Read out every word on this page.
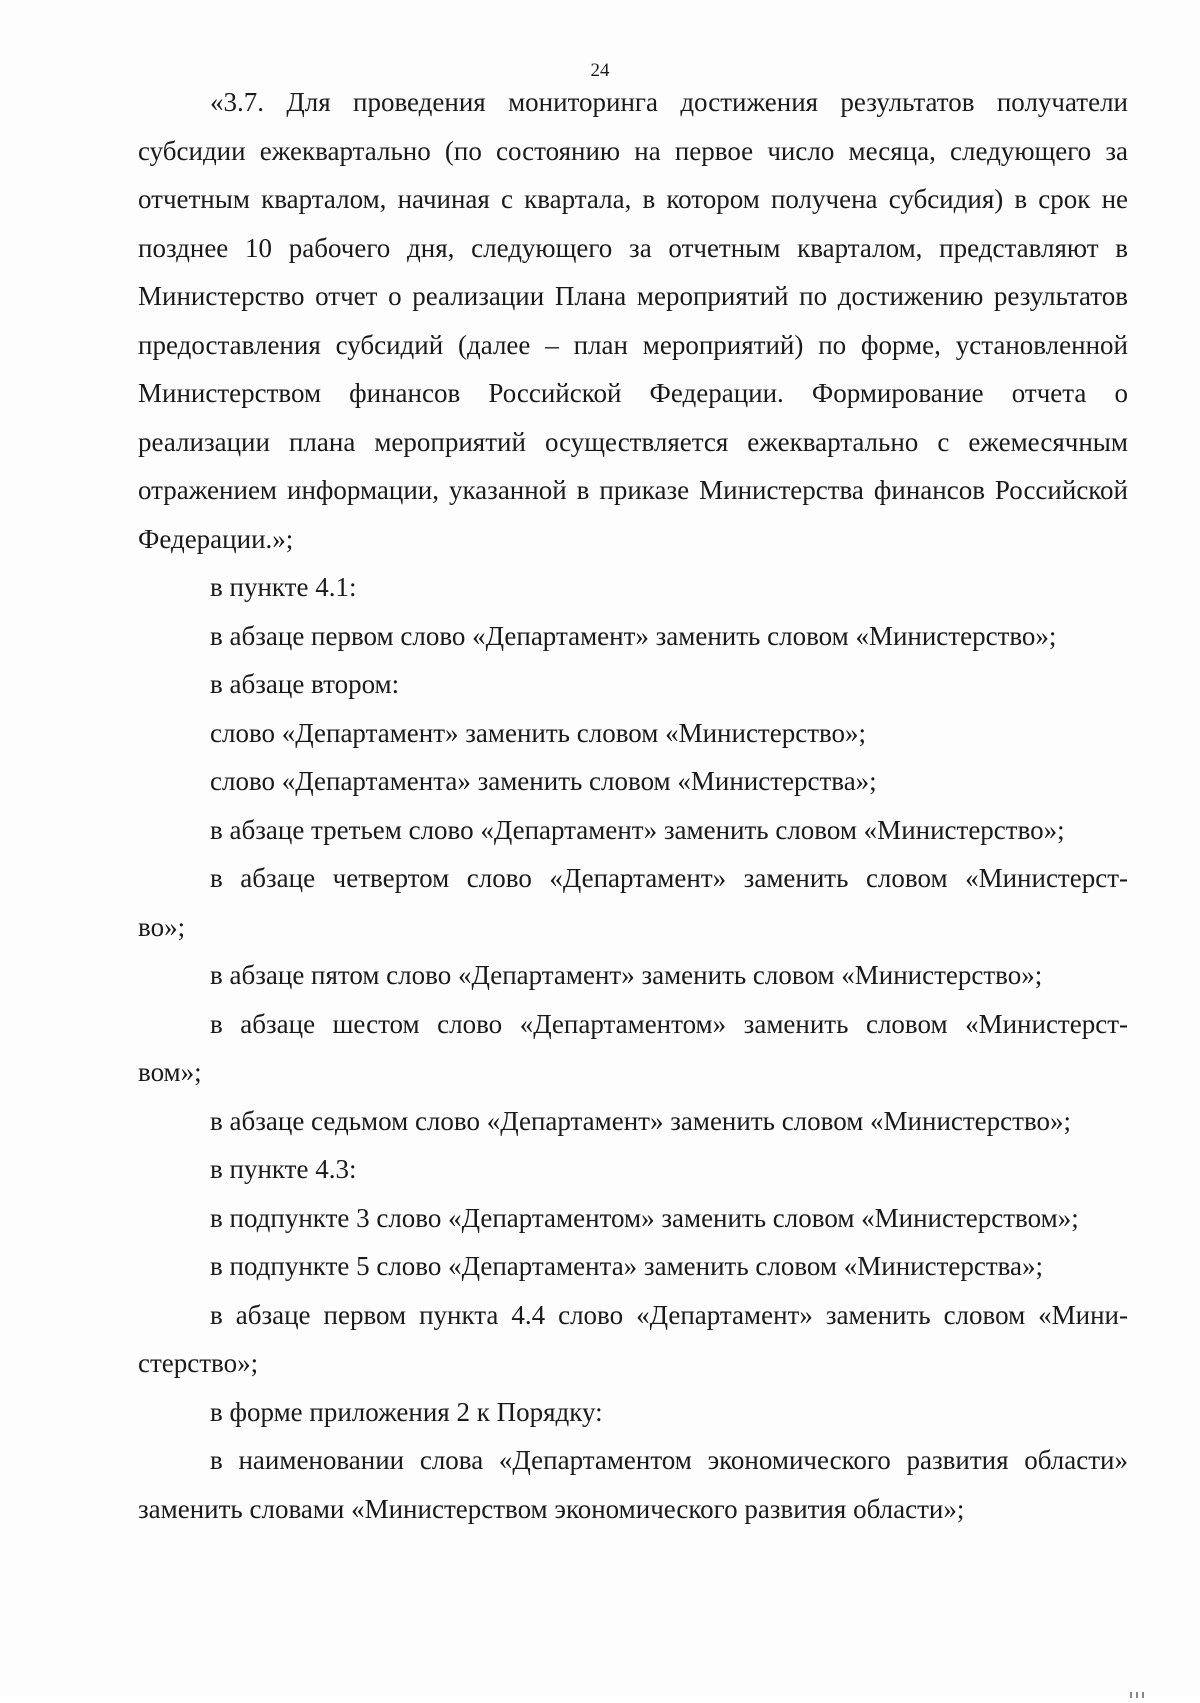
24

«3.7. Для проведения мониторинга достижения результатов получатели субсидии ежеквартально (по состоянию на первое число месяца, следующего за отчетным кварталом, начиная с квартала, в котором получена субсидия) в срок не позднее 10 рабочего дня, следующего за отчетным кварталом, представляют в Министерство отчет о реализации Плана мероприятий по достижению результатов предоставления субсидий (далее – план мероприятий) по форме, установленной Министерством финансов Российской Федерации. Формирование отчета о реализации плана мероприятий осуществляется ежеквартально с ежемесячным отражением информации, указанной в приказе Министерства финансов Российской Федерации.»;

в пункте 4.1:

в абзаце первом слово «Департамент» заменить словом «Министерство»;

в абзаце втором:

слово «Департамент» заменить словом «Министерство»;

слово «Департамента» заменить словом «Министерства»;

в абзаце третьем слово «Департамент» заменить словом «Министерство»;

в абзаце четвертом слово «Департамент» заменить словом «Министерст-

во»;

в абзаце пятом слово «Департамент» заменить словом «Министерство»;

в абзаце шестом слово «Департаментом» заменить словом «Министерст-

вом»;

в абзаце седьмом слово «Департамент» заменить словом «Министерство»;

в пункте 4.3:

в подпункте 3 слово «Департаментом» заменить словом «Министерством»;

в подпункте 5 слово «Департамента» заменить словом «Министерства»;

в абзаце первом пункта 4.4 слово «Департамент» заменить словом «Мини-

стерство»;

в форме приложения 2 к Порядку:

в наименовании слова «Департаментом экономического развития области» заменить словами «Министерством экономического развития области»;
